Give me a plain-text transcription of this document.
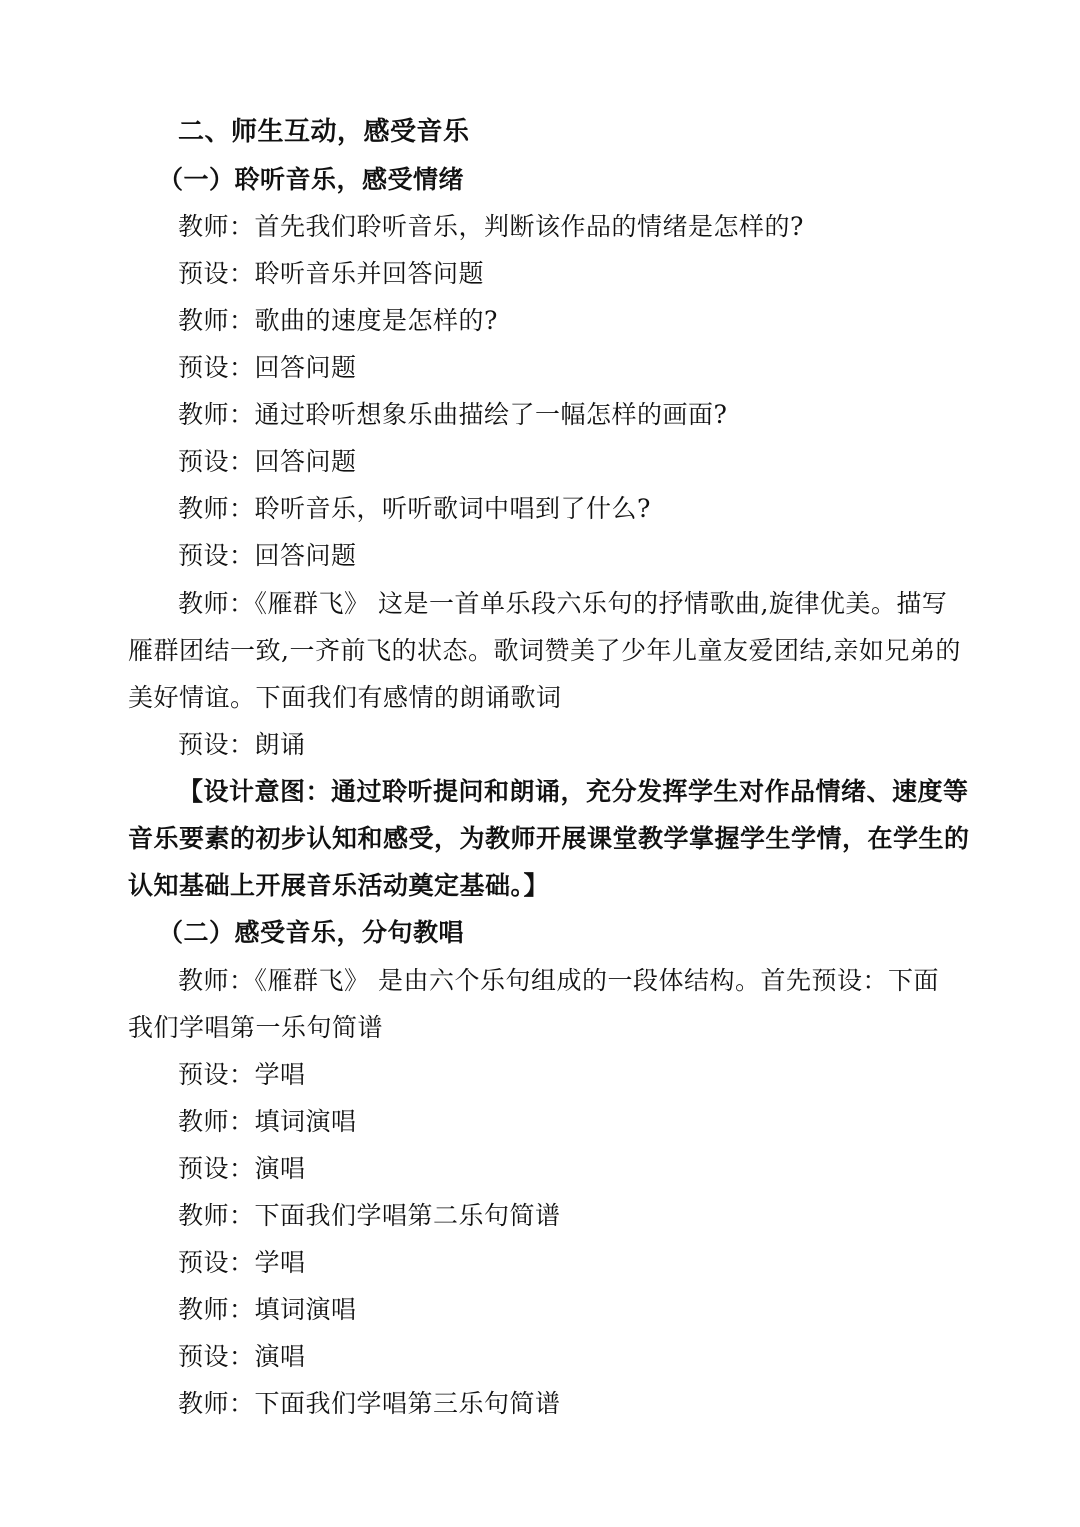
二、师生互动，感受音乐
（一）聆听音乐，感受情绪
教师：首先我们聆听音乐，判断该作品的情绪是怎样的?
预设：聆听音乐并回答问题
教师：歌曲的速度是怎样的?
预设：回答问题
教师：通过聆听想象乐曲描绘了一幅怎样的画面?
预设：回答问题
教师：聆听音乐，听听歌词中唱到了什么?
预设：回答问题
教师：《雁群飞》 这是一首单乐段六乐句的抒情歌曲,旋律优美。描写
雁群团结一致,一齐前飞的状态。歌词赞美了少年儿童友爱团结,亲如兄弟的
美好情谊。下面我们有感情的朗诵歌词
预设：朗诵
【设计意图：通过聆听提问和朗诵，充分发挥学生对作品情绪、速度等
音乐要素的初步认知和感受，为教师开展课堂教学掌握学生学情，在学生的
认知基础上开展音乐活动奠定基础。】
（二）感受音乐，分句教唱
教师：《雁群飞》 是由六个乐句组成的一段体结构。首先预设：下面
我们学唱第一乐句简谱
预设：学唱
教师：填词演唱
预设：演唱
教师：下面我们学唱第二乐句简谱
预设：学唱
教师：填词演唱
预设：演唱
教师：下面我们学唱第三乐句简谱
